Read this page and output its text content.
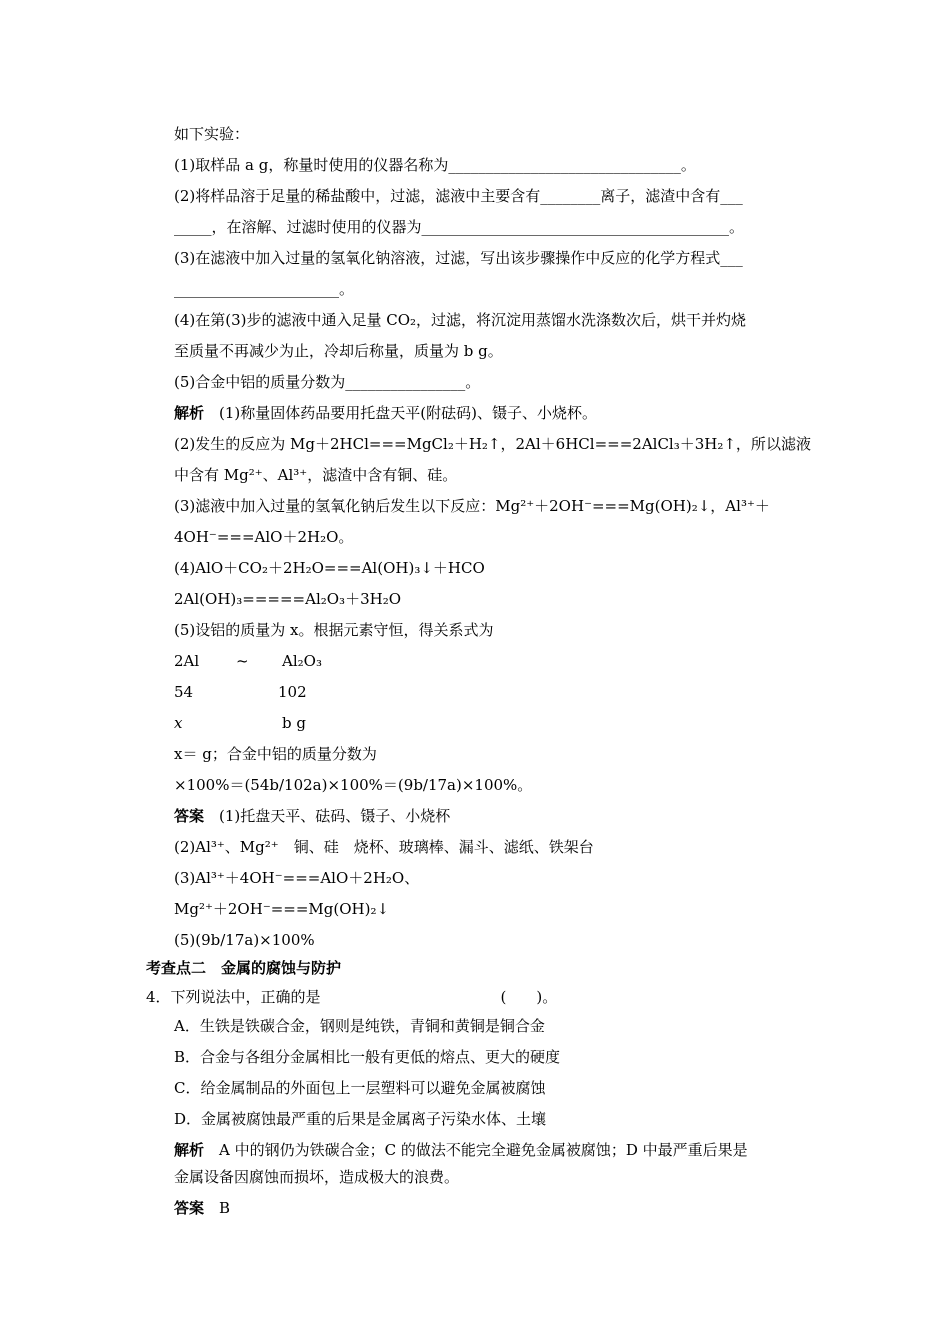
如下实验：
(1)取样品 a g，称量时使用的仪器名称为_______________________________。
(2)将样品溶于足量的稀盐酸中，过滤，滤液中主要含有________离子，滤渣中含有___
_____，在溶解、过滤时使用的仪器为_________________________________________。
(3)在滤液中加入过量的氢氧化钠溶液，过滤，写出该步骤操作中反应的化学方程式___
______________________。
(4)在第(3)步的滤液中通入足量 CO₂，过滤，将沉淀用蒸馏水洗涤数次后，烘干并灼烧
至质量不再减少为止，冷却后称量，质量为 b g。
(5)合金中铝的质量分数为________________。
解析　(1)称量固体药品要用托盘天平(附砝码)、镊子、小烧杯。
(2)发生的反应为 Mg＋2HCl===MgCl₂＋H₂↑，2Al＋6HCl===2AlCl₃＋3H₂↑，所以滤液
中含有 Mg²⁺、Al³⁺，滤渣中含有铜、硅。
(3)滤液中加入过量的氢氧化钠后发生以下反应：Mg²⁺＋2OH⁻===Mg(OH)₂↓，Al³⁺＋
4OH⁻===AlO＋2H₂O。
(4)AlO＋CO₂＋2H₂O===Al(OH)₃↓＋HCO
2Al(OH)₃=====Al₂O₃＋3H₂O
(5)设铝的质量为 x。根据元素守恒，得关系式为
2Al ~ Al₂O₃
54	102
x	b g
x＝ g；合金中铝的质量分数为
×100%＝(54b/102a)×100%＝(9b/17a)×100%。
答案　(1)托盘天平、砝码、镊子、小烧杯
(2)Al³⁺、Mg²⁺　铜、硅　烧杯、玻璃棒、漏斗、滤纸、铁架台
(3)Al³⁺＋4OH⁻===AlO＋2H₂O、
Mg²⁺＋2OH⁻===Mg(OH)₂↓
(5)(9b/17a)×100%
考查点二　金属的腐蚀与防护
4．下列说法中，正确的是　　　　　　　　　　　　(　　)。
A．生铁是铁碳合金，钢则是纯铁，青铜和黄铜是铜合金
B．合金与各组分金属相比一般有更低的熔点、更大的硬度
C．给金属制品的外面包上一层塑料可以避免金属被腐蚀
D．金属被腐蚀最严重的后果是金属离子污染水体、土壤
解析　A 中的钢仍为铁碳合金；C 的做法不能完全避免金属被腐蚀；D 中最严重后果是
金属设备因腐蚀而损坏，造成极大的浪费。
答案　B
